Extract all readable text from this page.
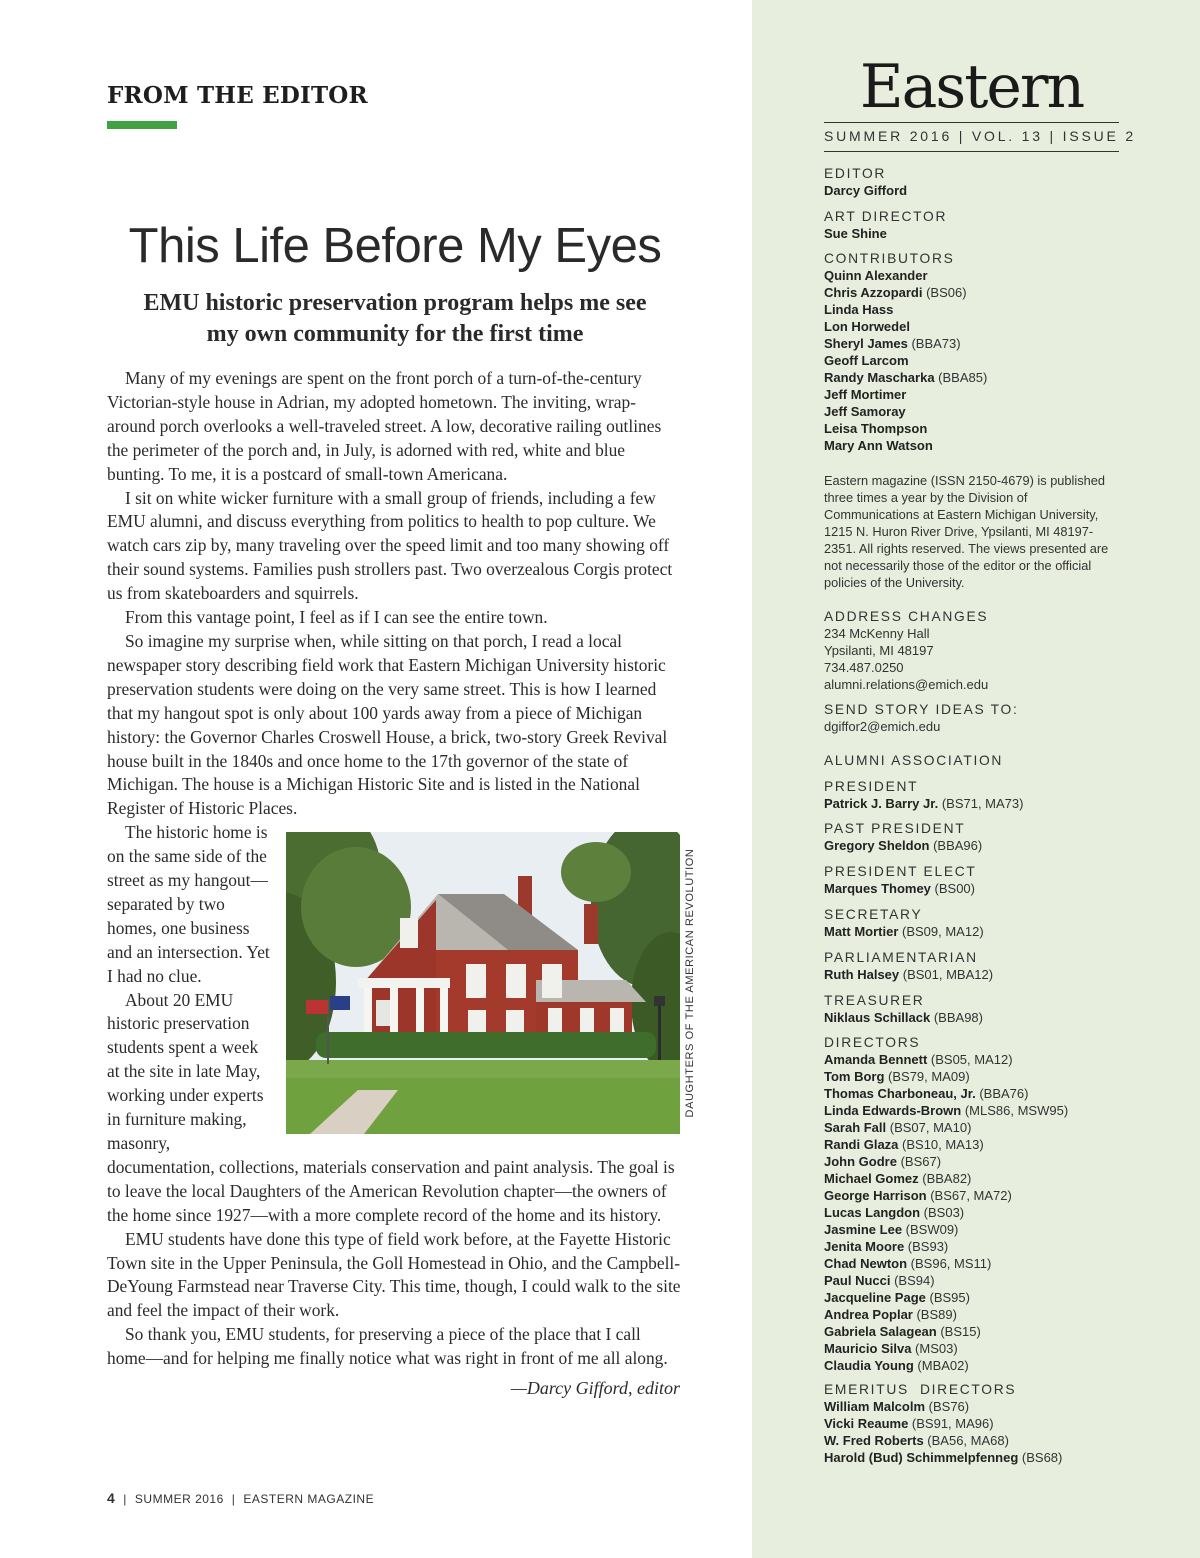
FROM THE EDITOR
This Life Before My Eyes
EMU historic preservation program helps me see
my own community for the first time

Many of my evenings are spent on the front porch of a turn-of-the-century Victorian-style house in Adrian, my adopted hometown. The inviting, wrap-around porch overlooks a well-traveled street. A low, decorative railing outlines the perimeter of the porch and, in July, is adorned with red, white and blue bunting. To me, it is a postcard of small-town Americana.

I sit on white wicker furniture with a small group of friends, including a few EMU alumni, and discuss everything from politics to health to pop culture. We watch cars zip by, many traveling over the speed limit and too many showing off their sound systems. Families push strollers past. Two overzealous Corgis protect us from skateboarders and squirrels.

From this vantage point, I feel as if I can see the entire town.

So imagine my surprise when, while sitting on that porch, I read a local newspaper story describing field work that Eastern Michigan University historic preservation students were doing on the very same street. This is how I learned that my hangout spot is only about 100 yards away from a piece of Michigan history: the Governor Charles Croswell House, a brick, two-story Greek Revival house built in the 1840s and once home to the 17th governor of the state of Michigan. The house is a Michigan Historic Site and is listed in the National Register of Historic Places.

The historic home is on the same side of the street as my hangout—separated by two homes, one business and an intersection. Yet I had no clue.

About 20 EMU historic preservation students spent a week at the site in late May, working under experts in furniture making, masonry, documentation, collections, materials conservation and paint analysis. The goal is to leave the local Daughters of the American Revolution chapter—the owners of the home since 1927—with a more complete record of the home and its history.

EMU students have done this type of field work before, at the Fayette Historic Town site in the Upper Peninsula, the Goll Homestead in Ohio, and the Campbell-DeYoung Farmstead near Traverse City. This time, though, I could walk to the site and feel the impact of their work.

So thank you, EMU students, for preserving a piece of the place that I call home—and for helping me finally notice what was right in front of me all along.

—Darcy Gifford, editor
DAUGHTERS OF THE AMERICAN REVOLUTION
4 | SUMMER 2016 | EASTERN MAGAZINE
Eastern
SUMMER 2016 | VOL. 13 | ISSUE 2
EDITOR
Darcy Gifford
ART DIRECTOR
Sue Shine
CONTRIBUTORS
Quinn Alexander
Chris Azzopardi (BS06)
Linda Hass
Lon Horwedel
Sheryl James (BBA73)
Geoff Larcom
Randy Mascharka (BBA85)
Jeff Mortimer
Jeff Samoray
Leisa Thompson
Mary Ann Watson

Eastern magazine (ISSN 2150-4679) is published three times a year by the Division of Communications at Eastern Michigan University, 1215 N. Huron River Drive, Ypsilanti, MI 48197-2351. All rights reserved. The views presented are not necessarily those of the editor or the official policies of the University.

ADDRESS CHANGES
234 McKenny Hall
Ypsilanti, MI 48197
734.487.0250
alumni.relations@emich.edu
SEND STORY IDEAS TO:
dgiffor2@emich.edu
ALUMNI ASSOCIATION
PRESIDENT
Patrick J. Barry Jr. (BS71, MA73)
PAST PRESIDENT
Gregory Sheldon (BBA96)
PRESIDENT ELECT
Marques Thomey (BS00)
SECRETARY
Matt Mortier (BS09, MA12)
PARLIAMENTARIAN
Ruth Halsey (BS01, MBA12)
TREASURER
Niklaus Schillack (BBA98)
DIRECTORS
Amanda Bennett (BS05, MA12)
Tom Borg (BS79, MA09)
Thomas Charboneau, Jr. (BBA76)
Linda Edwards-Brown (MLS86, MSW95)
Sarah Fall (BS07, MA10)
Randi Glaza (BS10, MA13)
John Godre (BS67)
Michael Gomez (BBA82)
George Harrison (BS67, MA72)
Lucas Langdon (BS03)
Jasmine Lee (BSW09)
Jenita Moore (BS93)
Chad Newton (BS96, MS11)
Paul Nucci (BS94)
Jacqueline Page (BS95)
Andrea Poplar (BS89)
Gabriela Salagean (BS15)
Mauricio Silva (MS03)
Claudia Young (MBA02)
EMERITUS  DIRECTORS
William Malcolm (BS76)
Vicki Reaume (BS91, MA96)
W. Fred Roberts (BA56, MA68)
Harold (Bud) Schimmelpfenneg (BS68)
